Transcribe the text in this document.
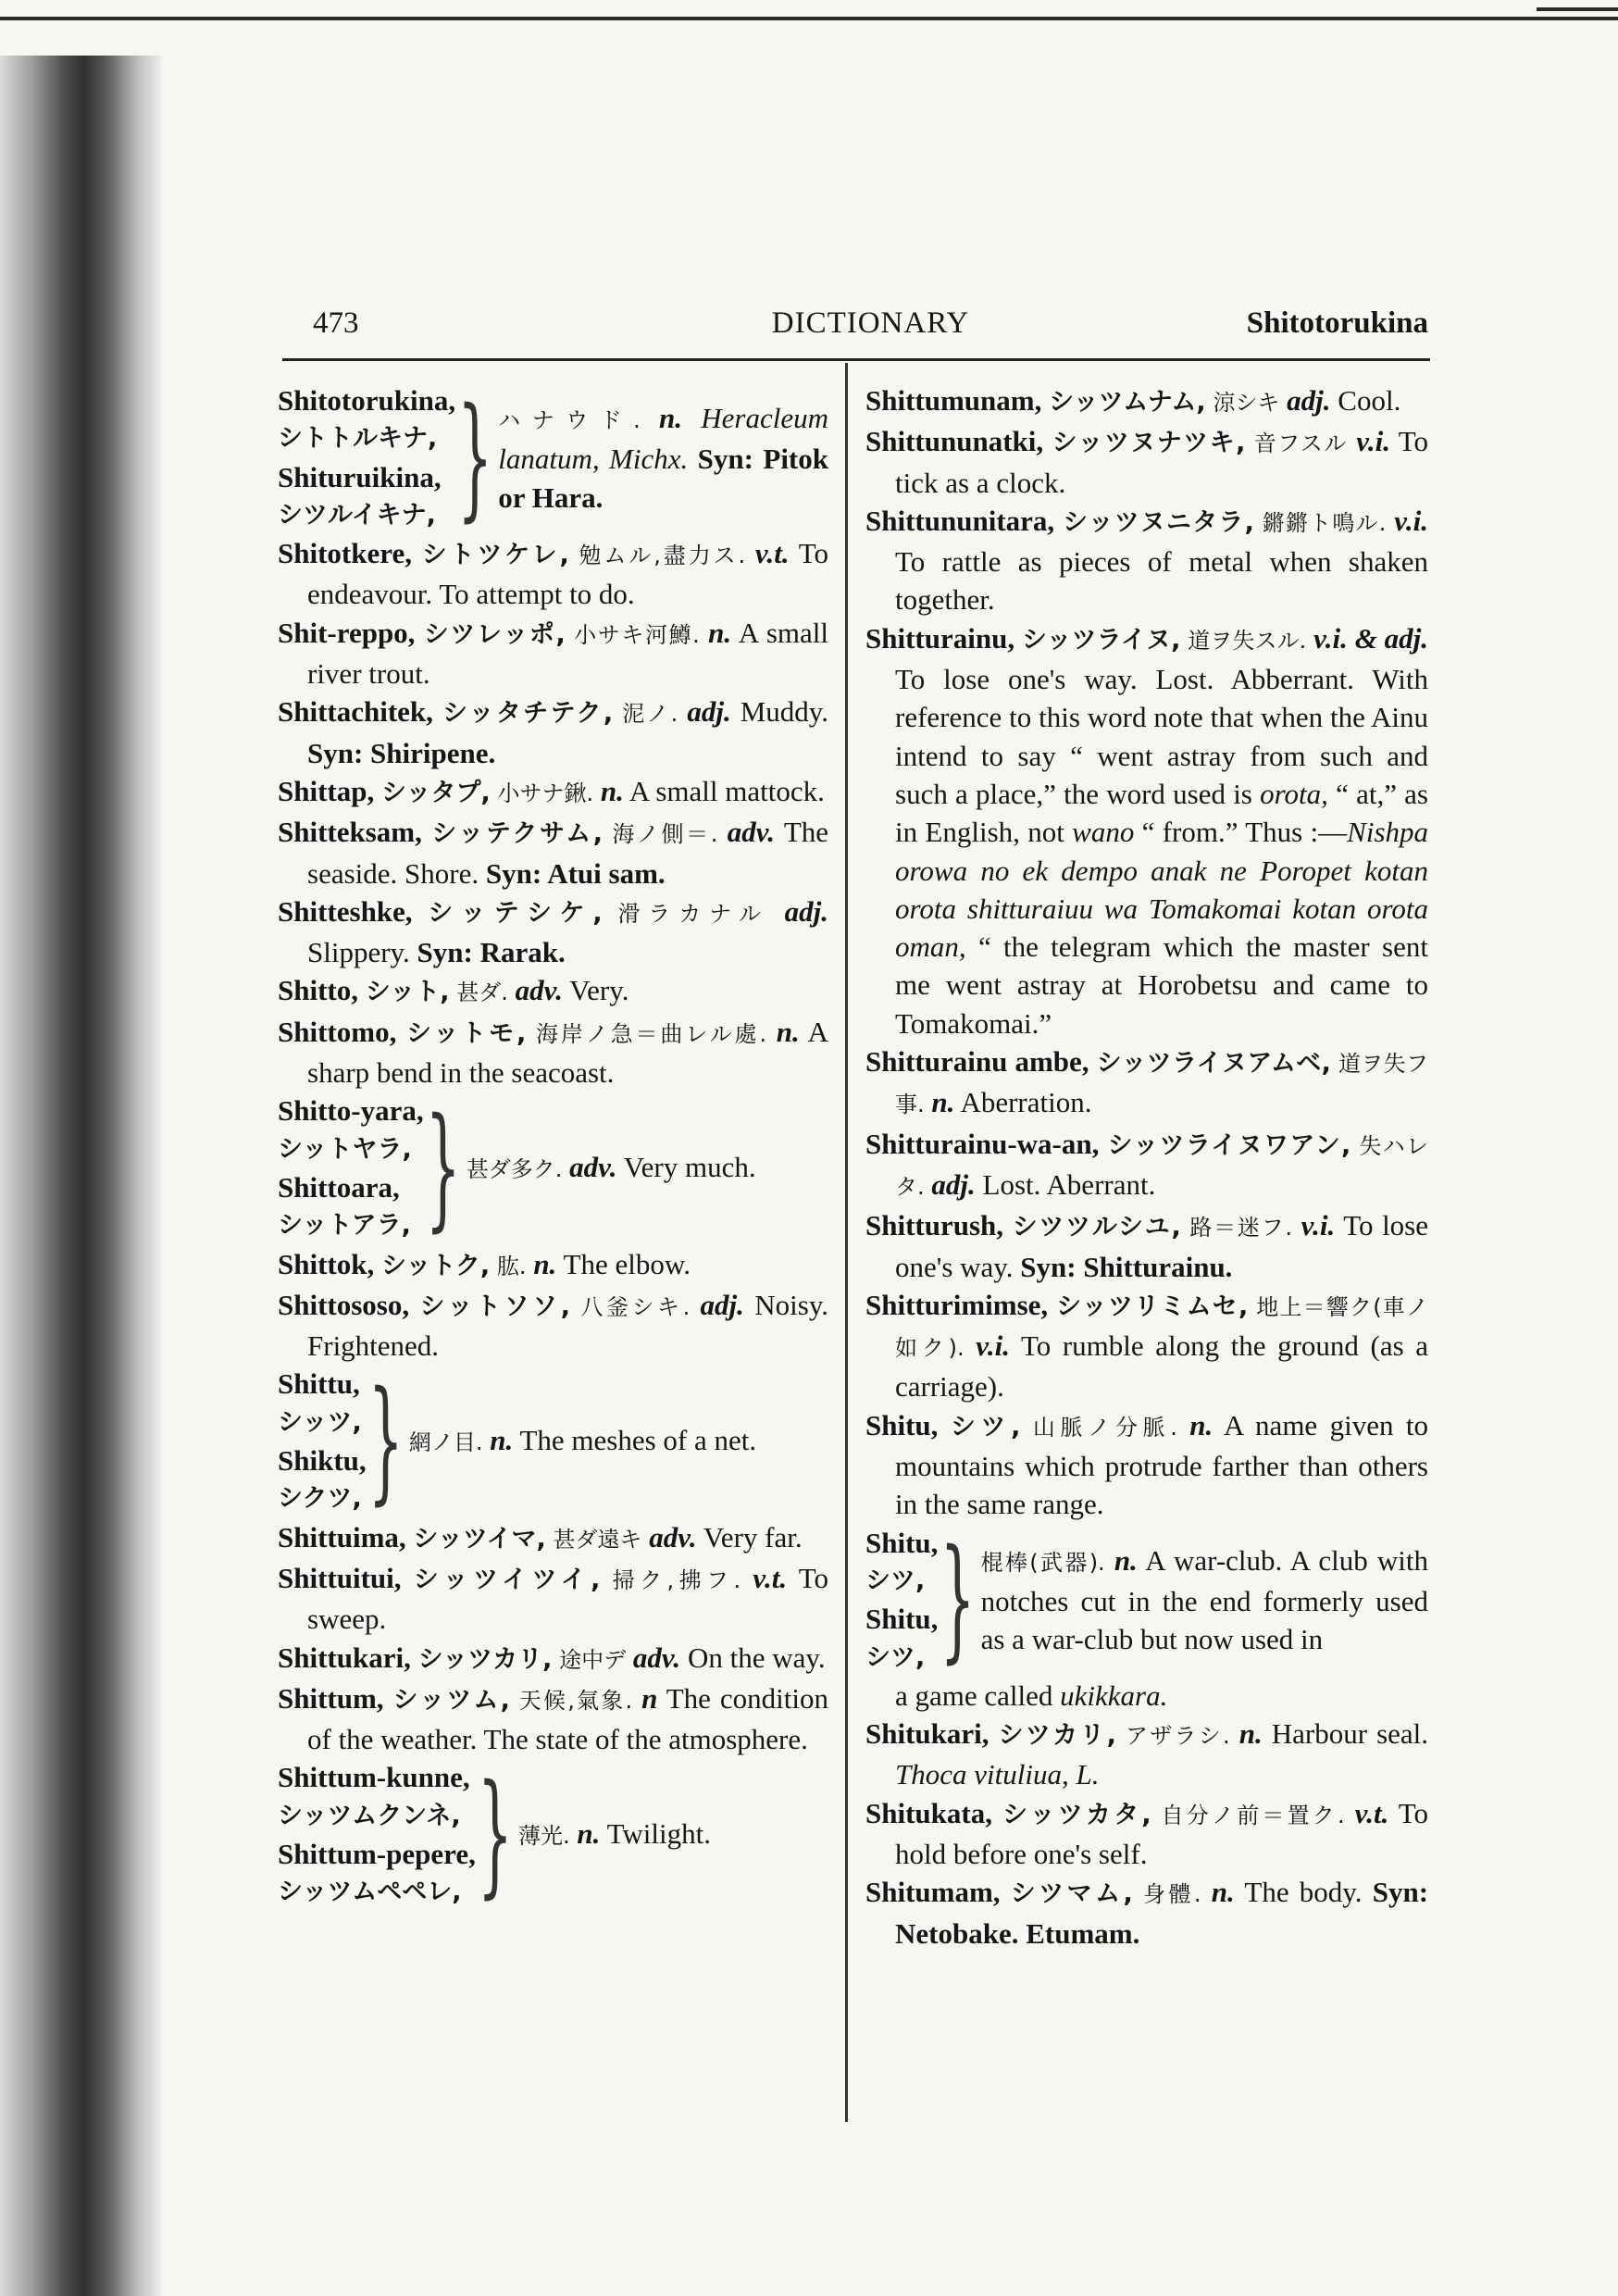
473	DICTIONARY	Shitotorukina
Shitotorukina,
シトトルキナ,
Shituruikina,
シツルイキナ, } ハナウド. n. Heracleum lanatum, Michx. Syn: Pitok or Hara.

Shitotkere, シトツケレ, 勉ムル,盡力ス. v.t. To endeavour. To attempt to do.

Shit-reppo, シツレッポ, 小サキ河鱒. n. A small river trout.

Shittachitek, シッタチテク, 泥ノ. adj. Muddy. Syn: Shiripene.

Shittap, シッタプ, 小サナ鍬. n. A small mattock.

Shitteksam, シッテクサム, 海ノ側＝. adv. The seaside. Shore. Syn: Atui sam.

Shitteshke, シッテシケ, 滑ラカナル adj. Slippery. Syn: Rarak.

Shitto, シット, 甚ダ. adv. Very.

Shittomo, シットモ, 海岸ノ急＝曲レル處. n. A sharp bend in the seacoast.

Shitto-yara,
シットヤラ,
Shittoara,
シットアラ, } 甚ダ多ク. adv. Very much.

Shittok, シットク, 肱. n. The elbow.

Shittososo, シットソソ, 八釜シキ. adj. Noisy. Frightened.

Shittu,
シッツ,
Shiktu,
シクツ, } 網ノ目. n. The meshes of a net.

Shittuima, シッツイマ, 甚ダ遠キ adv. Very far.

Shittuitui, シッツイツイ, 掃ク,拂フ. v.t. To sweep.

Shittukari, シッツカリ, 途中デ adv. On the way.

Shittum, シッツム, 天候,氣象. n The condition of the weather. The state of the atmosphere.

Shittum-kunne,
シッツムクンネ,
Shittum-pepere,
シッツムペペレ, } 薄光. n. Twilight.

Shittumunam, シッツムナム, 涼シキ adj. Cool.

Shittununatki, シッツヌナツキ, 音フスル v.i. To tick as a clock.

Shittununitara, シッツヌニタラ, 鏘鏘ト鳴ル. v.i. To rattle as pieces of metal when shaken together.

Shitturainu, シッツライヌ, 道ヲ失スル. v.i. & adj. To lose one's way. Lost. Abberrant. With reference to this word note that when the Ainu intend to say “ went astray from such and such a place,” the word used is orota, “ at,” as in English, not wano “ from.” Thus :—Nishpa orowa no ek dempo anak ne Poropet kotan orota shitturaiuu wa Tomakomai kotan orota oman, “ the telegram which the master sent me went astray at Horobetsu and came to Tomakomai.”

Shitturainu ambe, シッツライヌアムベ, 道ヲ失フ事. n. Aberration.

Shitturainu-wa-an, シッツライヌワアン, 失ハレタ. adj. Lost. Aberrant.

Shitturush, シツツルシユ, 路＝迷フ. v.i. To lose one's way. Syn: Shitturainu.

Shitturimimse, シッツリミムセ, 地上＝響ク(車ノ如ク). v.i. To rumble along the ground (as a carriage).

Shitu, シツ, 山脈ノ分脈. n. A name given to mountains which protrude farther than others in the same range.

Shitu,
シツ,
Shitu,
シツ, } 棍棒(武器). n. A war-club. A club with notches cut in the end formerly used as a war-club but now used in

a game called ukikkara.

Shitukari, シツカリ, アザラシ. n. Harbour seal. Thoca vituliua, L.

Shitukata, シッツカタ, 自分ノ前＝置ク. v.t. To hold before one's self.

Shitumam, シツマム, 身體. n. The body. Syn: Netobake. Etumam.
